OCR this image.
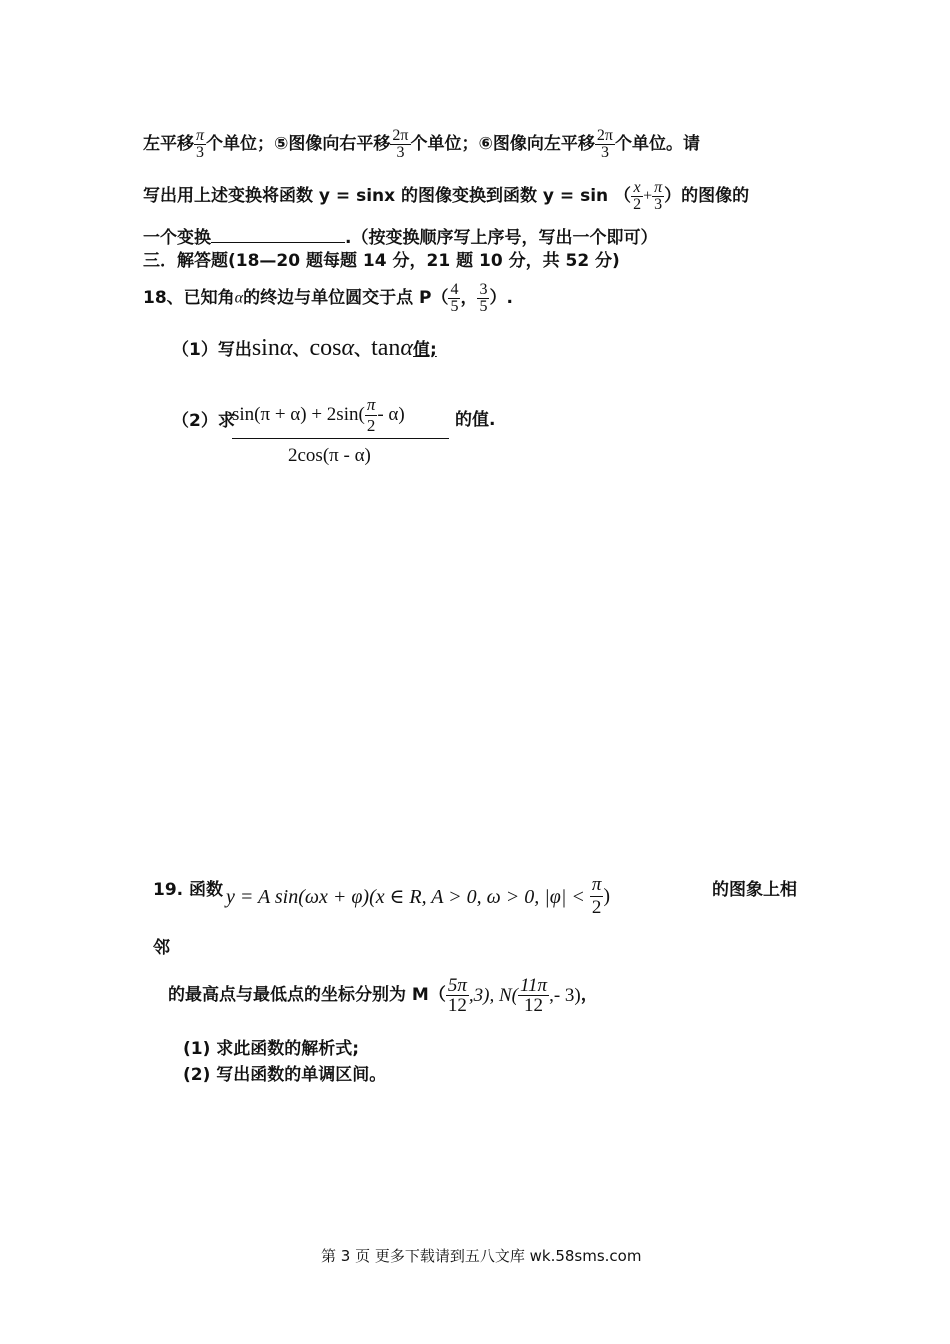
左平移 $\frac{\pi}{3}$ 个单位；⑤图像向右平移 $\frac{2\pi}{3}$ 个单位；⑥图像向左平移 $\frac{2\pi}{3}$ 个单位。请
写出用上述变换将函数 y = sinx 的图像变换到函数 y = sin （ $\frac{x}{2} + \frac{\pi}{3}$ ）的图像的
一个变换	.（按变换顺序写上序号，写出一个即可）
三．解答题(18—20 题每题 14 分，21 题 10 分，共 52 分)
18、已知角α的终边与单位圆交于点 $P( \frac{4}{5}$ ， $\frac{3}{5}$ ）.
（1）写出sinα、cosα、tanα值;
（2）求
$\sin(\pi + \alpha) + 2\sin( \frac{\pi}{2} - \alpha)$
2cos(π - α)
的值.
19. 函数 y = A sin(ωx + φ)(x ∈ R, A > 0, ω > 0, $|\varphi| < \frac{\pi}{2}$ )	的图象上相
邻
的最高点与最低点的坐标分别为 $M( \frac{5\pi}{12} ,3)$, $N( \frac{11\pi}{12}$ ,- 3)，
(1) 求此函数的解析式;
(2) 写出函数的单调区间。
第 3 页 更多下载请到五八文库 wk.58sms.com
